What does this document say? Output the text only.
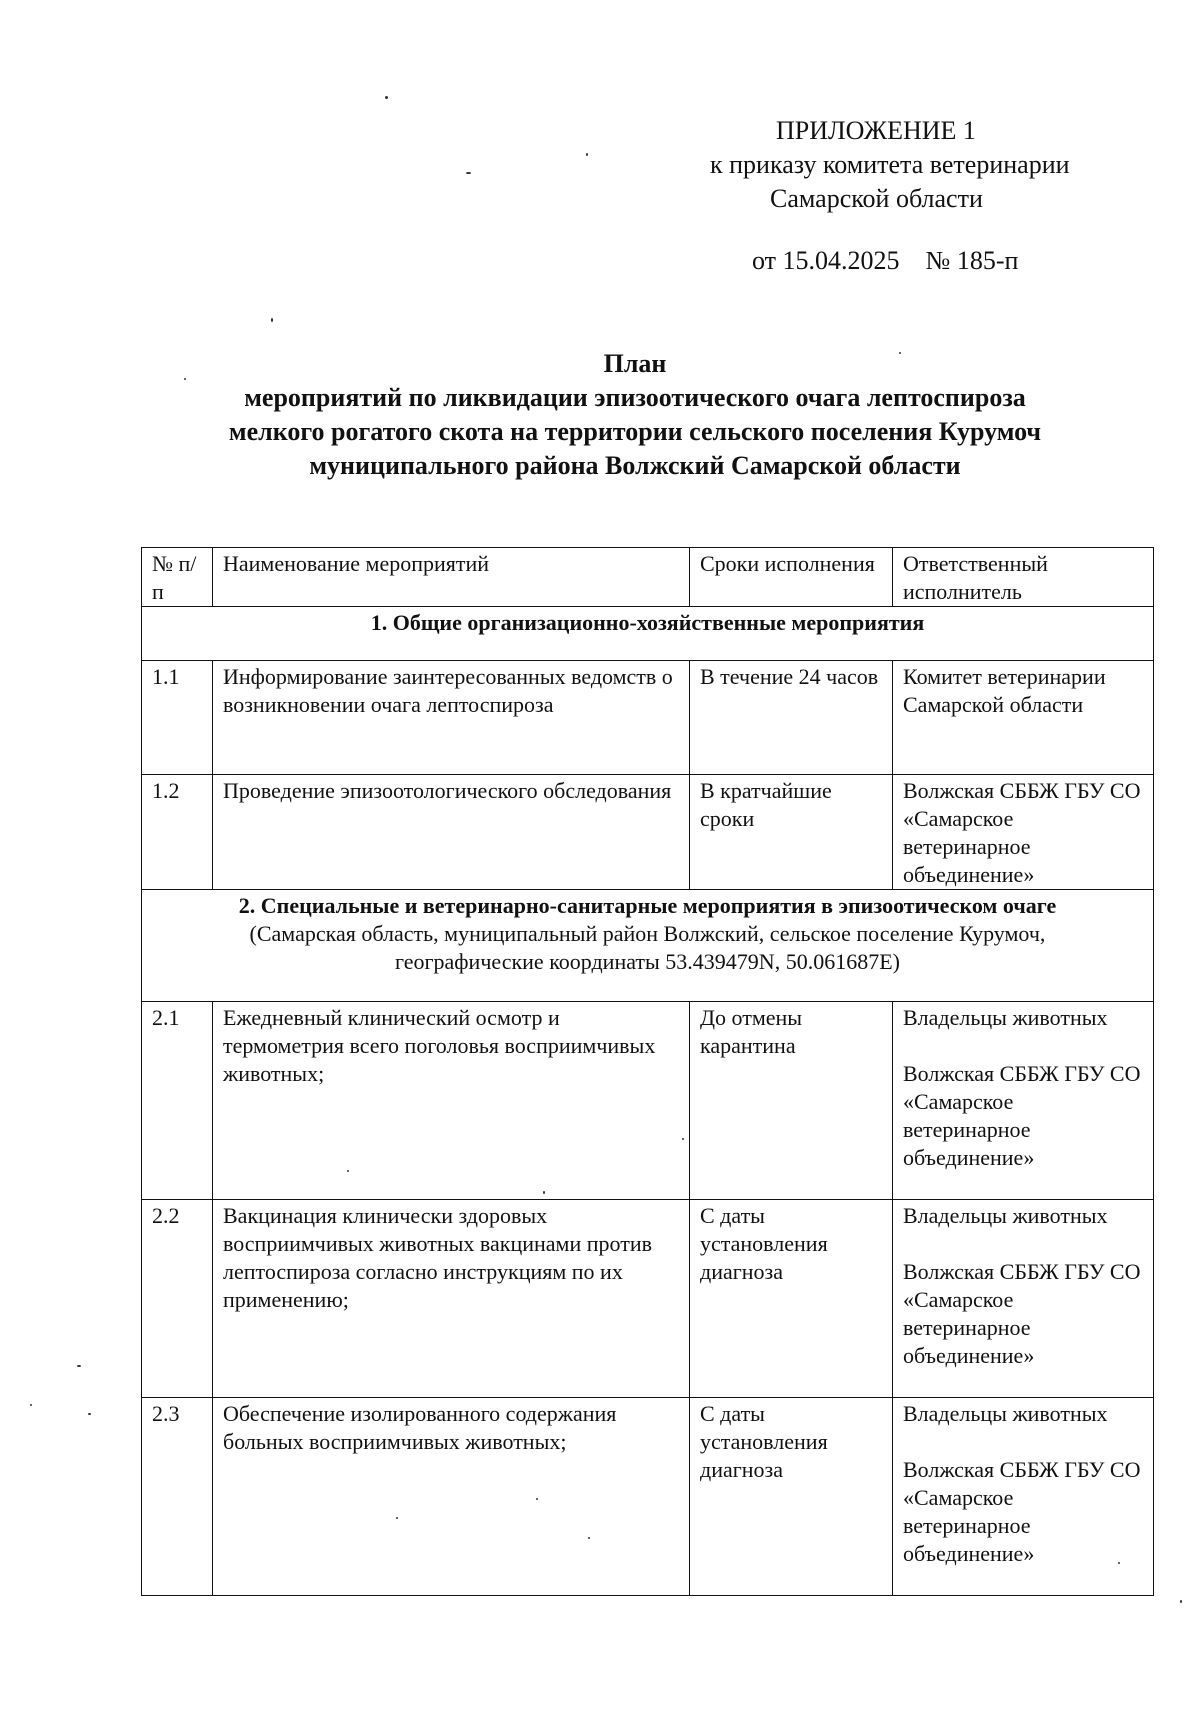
ПРИЛОЖЕНИЕ 1
к приказу комитета ветеринарии
Самарской области
от 15.04.2025 № 185-п
План
мероприятий по ликвидации эпизоотического очага лептоспироза
мелкого рогатого скота на территории сельского поселения Курумоч
муниципального района Волжский Самарской области
№ п/п	Наименование мероприятий	Сроки исполнения	Ответственный исполнитель

1. Общие организационно-хозяйственные мероприятия			

1.1	Информирование заинтересованных ведомств о возникновении очага лептоспироза	В течение 24 часов	Комитет ветеринарии Самарской области

1.2	Проведение эпизоотологического обследования	В кратчайшие сроки	Волжская СББЖ ГБУ СО «Самарское ветеринарное объединение»

2. Специальные и ветеринарно-санитарные мероприятия в эпизоотическом очаге
(Самарская область, муниципальный район Волжский, сельское поселение Курумоч, географические координаты 53.439479N, 50.061687E)			

2.1	Ежедневный клинический осмотр и термометрия всего поголовья восприимчивых животных;	До отмены карантина	Владельцы животных
Волжская СББЖ ГБУ СО «Самарское ветеринарное объединение»

2.2	Вакцинация клинически здоровых восприимчивых животных вакцинами против лептоспироза согласно инструкциям по их применению;	С даты установления диагноза	Владельцы животных
Волжская СББЖ ГБУ СО «Самарское ветеринарное объединение»

2.3	Обеспечение изолированного содержания больных восприимчивых животных;	С даты установления диагноза	Владельцы животных
Волжская СББЖ ГБУ СО «Самарское ветеринарное объединение»
